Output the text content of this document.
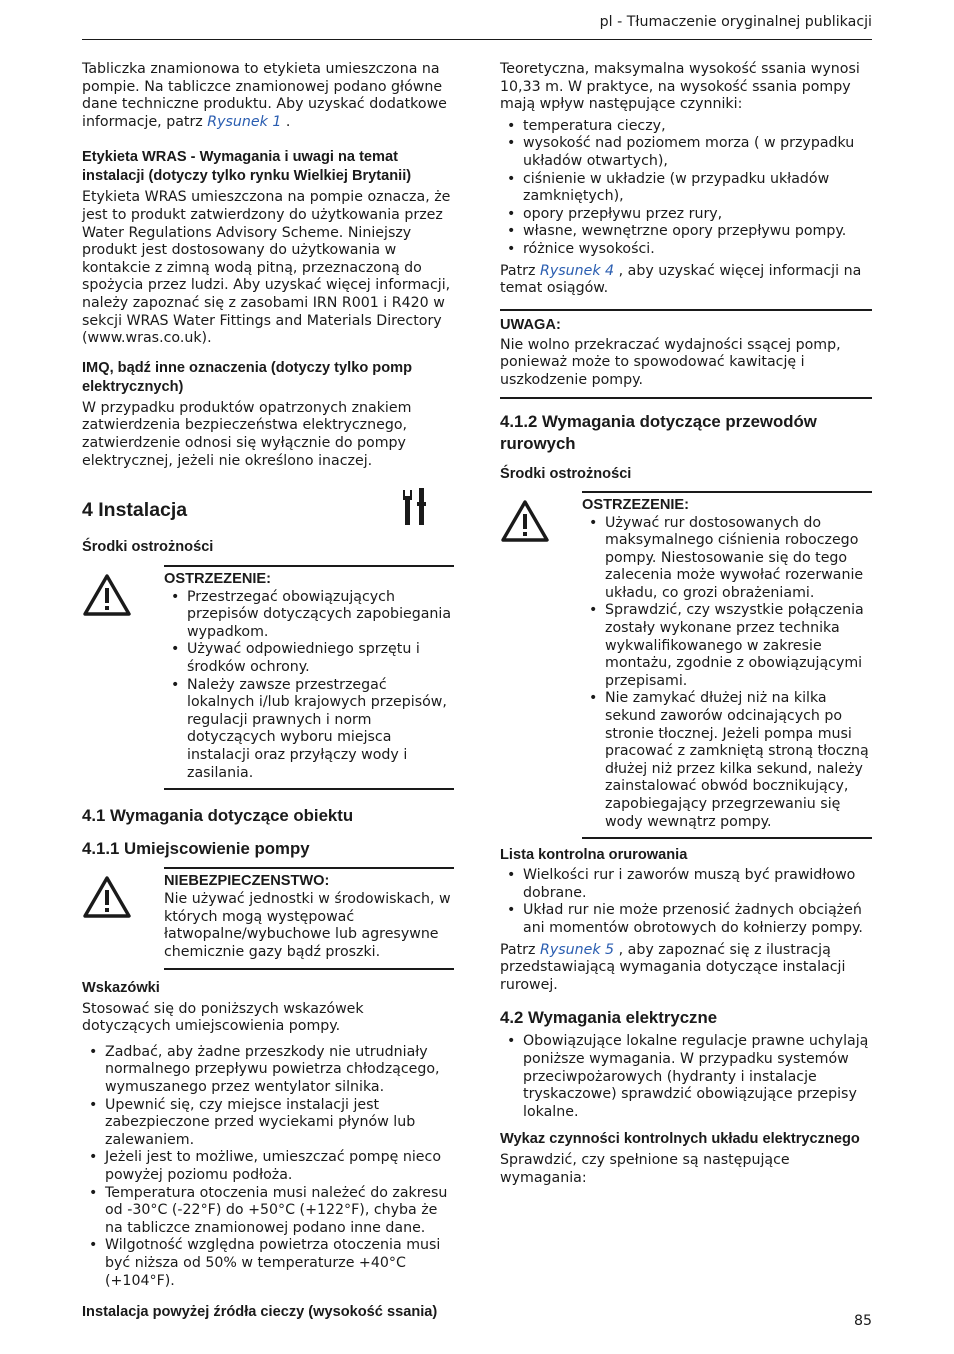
pl - Tłumaczenie oryginalnej publikacji

Tabliczka znamionowa to etykieta umieszczona na pompie. Na tabliczce znamionowej podano główne dane techniczne produktu. Aby uzyskać dodatkowe informacje, patrz Rysunek 1 .

Etykieta WRAS - Wymagania i uwagi na temat instalacji (dotyczy tylko rynku Wielkiej Brytanii)

Etykieta WRAS umieszczona na pompie oznacza, że jest to produkt zatwierdzony do użytkowania przez Water Regulations Advisory Scheme. Niniejszy produkt jest dostosowany do użytkowania w kontakcie z zimną wodą pitną, przeznaczoną do spożycia przez ludzi. Aby uzyskać więcej informacji, należy zapoznać się z zasobami IRN R001 i R420 w sekcji WRAS Water Fittings and Materials Directory (www.wras.co.uk).

IMQ, bądź inne oznaczenia (dotyczy tylko pomp elektrycznych)

W przypadku produktów opatrzonych znakiem zatwierdzenia bezpieczeństwa elektrycznego, zatwierdzenie odnosi się wyłącznie do pompy elektrycznej, jeżeli nie określono inaczej.

4 Instalacja

Środki ostrożności

OSTRZEZENIE:

• Przestrzegać obowiązujących przepisów dotyczących zapobiegania wypadkom.
• Używać odpowiedniego sprzętu i środków ochrony.
• Należy zawsze przestrzegać lokalnych i/lub krajowych przepisów, regulacji prawnych i norm dotyczących wyboru miejsca instalacji oraz przyłączy wody i zasilania.

4.1 Wymagania dotyczące obiektu

4.1.1 Umiejscowienie pompy

NIEBEZPIECZENSTWO:

Nie używać jednostki w środowiskach, w których mogą występować łatwopalne/wybuchowe lub agresywne chemicznie gazy bądź proszki.

Wskazówki

Stosować się do poniższych wskazówek dotyczących umiejscowienia pompy.

• Zadbać, aby żadne przeszkody nie utrudniały normalnego przepływu powietrza chłodzącego, wymuszanego przez wentylator silnika.
• Upewnić się, czy miejsce instalacji jest zabezpieczone przed wyciekami płynów lub zalewaniem.
• Jeżeli jest to możliwe, umieszczać pompę nieco powyżej poziomu podłoża.
• Temperatura otoczenia musi należeć do zakresu od -30°C (-22°F) do +50°C (+122°F), chyba że na tabliczce znamionowej podano inne dane.
• Wilgotność względna powietrza otoczenia musi być niższa od 50% w temperaturze +40°C (+104°F).

Instalacja powyżej źródła cieczy (wysokość ssania)

Teoretyczna, maksymalna wysokość ssania wynosi 10,33 m. W praktyce, na wysokość ssania pompy mają wpływ następujące czynniki:

• temperatura cieczy,
• wysokość nad poziomem morza ( w przypadku układów otwartych),
• ciśnienie w układzie (w przypadku układów zamkniętych),
• opory przepływu przez rury,
• własne, wewnętrzne opory przepływu pompy.
• różnice wysokości.

Patrz Rysunek 4 , aby uzyskać więcej informacji na temat osiągów.

UWAGA:

Nie wolno przekraczać wydajności ssącej pomp, ponieważ może to spowodować kawitację i uszkodzenie pompy.

4.1.2 Wymagania dotyczące przewodów rurowych

Środki ostrożności

OSTRZEZENIE:

• Używać rur dostosowanych do maksymalnego ciśnienia roboczego pompy. Niestosowanie się do tego zalecenia może wywołać rozerwanie układu, co grozi obrażeniami.
• Sprawdzić, czy wszystkie połączenia zostały wykonane przez technika wykwalifikowanego w zakresie montażu, zgodnie z obowiązującymi przepisami.
• Nie zamykać dłużej niż na kilka sekund zaworów odcinających po stronie tłocznej. Jeżeli pompa musi pracować z zamkniętą stroną tłoczną dłużej niż przez kilka sekund, należy zainstalować obwód bocznikujący, zapobiegający przegrzewaniu się wody wewnątrz pompy.

Lista kontrolna orurowania

• Wielkości rur i zaworów muszą być prawidłowo dobrane.
• Układ rur nie może przenosić żadnych obciążeń ani momentów obrotowych do kołnierzy pompy.

Patrz Rysunek 5 , aby zapoznać się z ilustracją przedstawiającą wymagania dotyczące instalacji rurowej.

4.2 Wymagania elektryczne

• Obowiązujące lokalne regulacje prawne uchylają poniższe wymagania. W przypadku systemów przeciwpożarowych (hydranty i instalacje tryskaczowe) sprawdzić obowiązujące przepisy lokalne.

Wykaz czynności kontrolnych układu elektrycznego

Sprawdzić, czy spełnione są następujące wymagania:

85
